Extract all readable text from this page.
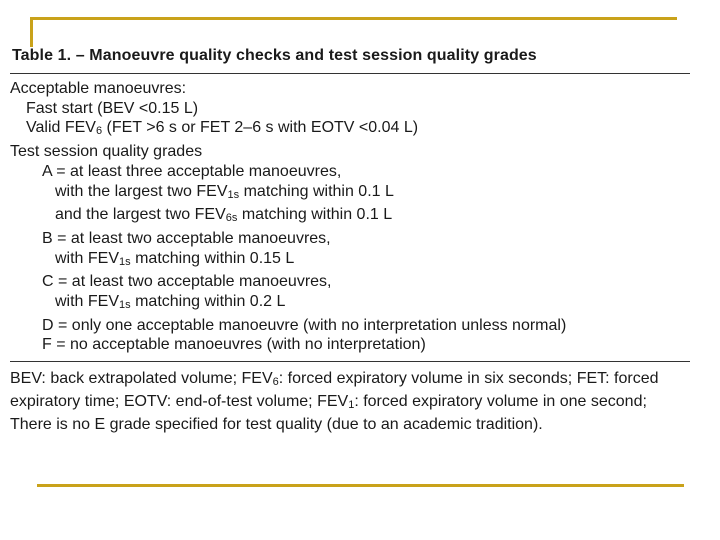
Table 1. – Manoeuvre quality checks and test session quality grades
Acceptable manoeuvres:
Fast start (BEV <0.15 L)
Valid $FEV_6$ (FET >6 s or FET 2–6 s with EOTV <0.04 L)
Test session quality grades
A = at least three acceptable manoeuvres,
with the largest two $FEV_{1s}$ matching within 0.1 L
and the largest two $FEV_{6s}$ matching within 0.1 L
B = at least two acceptable manoeuvres,
with $FEV_{1s}$ matching within 0.15 L
C = at least two acceptable manoeuvres,
with $FEV_{1s}$ matching within 0.2 L
D = only one acceptable manoeuvre (with no interpretation unless normal)
F = no acceptable manoeuvres (with no interpretation)
BEV: back extrapolated volume; $FEV_6$: forced expiratory volume in six seconds; FET: forced expiratory time; EOTV: end-of-test volume; $FEV_1$: forced expiratory volume in one second; There is no E grade specified for test quality (due to an academic tradition).
